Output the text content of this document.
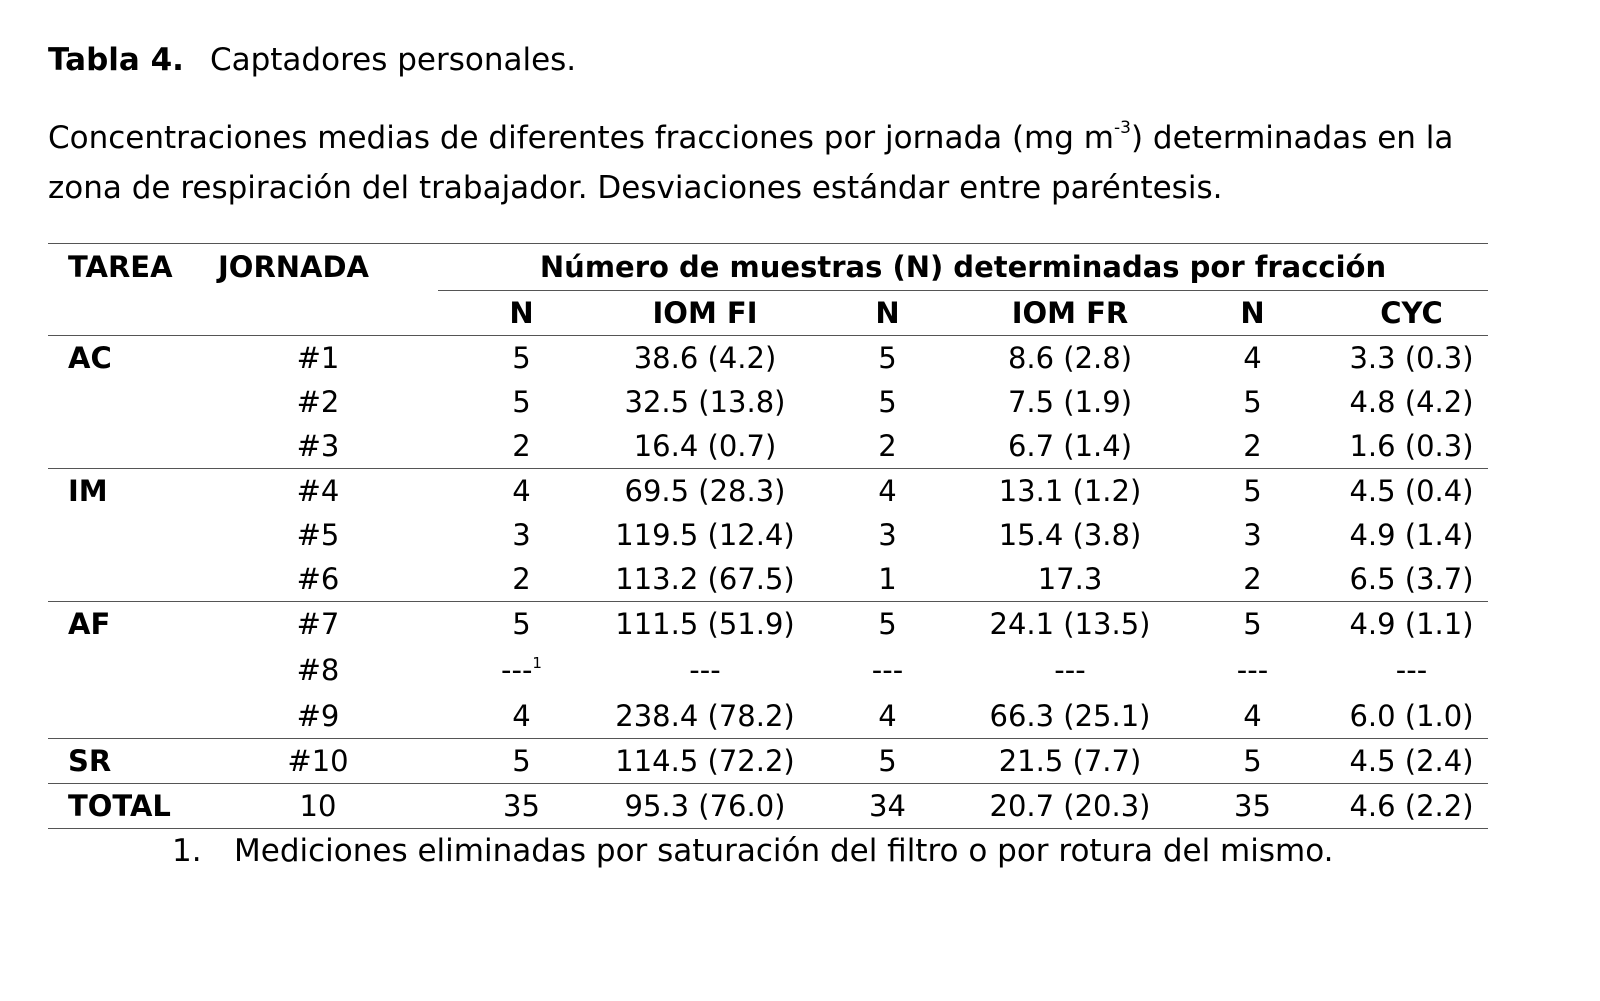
Tabla 4. Captadores personales.
Concentraciones medias de diferentes fracciones por jornada (mg $m^{-3}$) determinadas en la
zona de respiración del trabajador. Desviaciones estándar entre paréntesis.
TAREA	JORNADA	Número de muestras (N) determinadas por fracción					
		N	IOM FI	N	IOM FR	N	CYC
AC	#1	5	38.6 (4.2)	5	8.6 (2.8)	4	3.3 (0.3)
	#2	5	32.5 (13.8)	5	7.5 (1.9)	5	4.8 (4.2)
	#3	2	16.4 (0.7)	2	6.7 (1.4)	2	1.6 (0.3)
IM	#4	4	69.5 (28.3)	4	13.1 (1.2)	5	4.5 (0.4)
	#5	3	119.5 (12.4)	3	15.4 (3.8)	3	4.9 (1.4)
	#6	2	113.2 (67.5)	1	17.3	2	6.5 (3.7)
AF	#7	5	111.5 (51.9)	5	24.1 (13.5)	5	4.9 (1.1)
	#8	---$^1$	---	---	---	---	---
	#9	4	238.4 (78.2)	4	66.3 (25.1)	4	6.0 (1.0)
SR	#10	5	114.5 (72.2)	5	21.5 (7.7)	5	4.5 (2.4)
TOTAL	10	35	95.3 (76.0)	34	20.7 (20.3)	35	4.6 (2.2)
1. Mediciones eliminadas por saturación del filtro o por rotura del mismo.
